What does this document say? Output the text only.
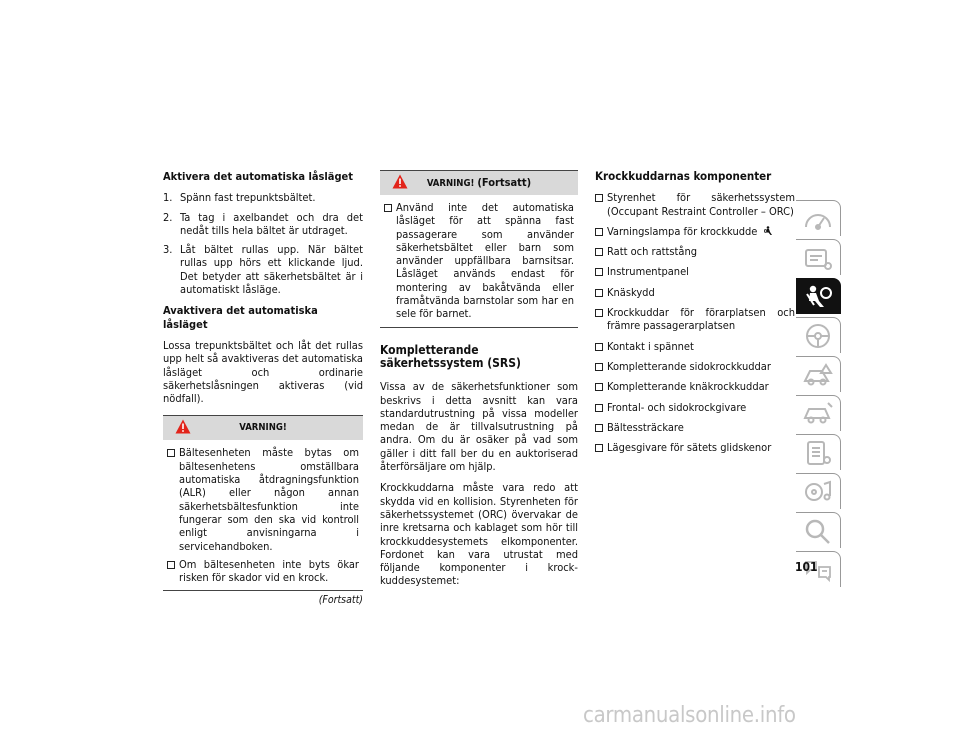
Aktivera det automatiska låsläget
1. Spänn fast trepunktsbältet.
2. Ta tag i axelbandet och dra det nedåt tills hela bältet är utdraget.
3. Låt bältet rullas upp. När bältet rullas upp hörs ett klickande ljud. Det betyder att säkerhetsbältet är i automatiskt låsläge.
Avaktivera det automatiska låsläget
Lossa trepunktsbältet och låt det rullas upp helt så avaktiveras det automatiska låsläget och ordinarie säkerhetslåsningen aktiveras (vid nödfall).
VARNING!
Bältesenheten måste bytas om bältesenhetens omställbara automatiska åtdragningsfunktion (ALR) eller någon annan säkerhetsbältesfunktion inte fungerar som den ska vid kontroll enligt anvisningarna i servicehandboken.
Om bältesenheten inte byts ökar risken för skador vid en krock.
(Fortsatt)
VARNING! (Fortsatt)
Använd inte det automatiska låsläget för att spänna fast passagerare som använder säkerhetsbältet eller barn som använder uppfällbara barnsitsar. Låsläget används endast för montering av bakåtvända eller framåtvända barnstolar som har en sele för barnet.
Kompletterande säkerhetssystem (SRS)
Vissa av de säkerhetsfunktioner som beskrivs i detta avsnitt kan vara standardutrustning på vissa modeller medan de är tillvalsutrustning på andra. Om du är osäker på vad som gäller i ditt fall ber du en auktoriserad återförsäljare om hjälp.
Krockkuddarna måste vara redo att skydda vid en kollision. Styrenheten för säkerhetssystemet (ORC) övervakar de inre kretsarna och kablaget som hör till krockkuddesystemets elkomponenter. Fordonet kan vara utrustat med följande komponenter i krockkuddesystemet:
Krockkuddarnas komponenter
Styrenhet för säkerhetssystem (Occupant Restraint Controller – ORC)
Varningslampa för krockkudde
Ratt och rattstång
Instrumentpanel
Knäskydd
Krockkuddar för förarplatsen och främre passagerarplatsen
Kontakt i spännet
Kompletterande sidokrockkuddar
Kompletterande knäkrockkuddar
Frontal- och sidokrockgivare
Bältessträckare
Lägesgivare för sätets glidskenor
101
carmanualsonline.info
